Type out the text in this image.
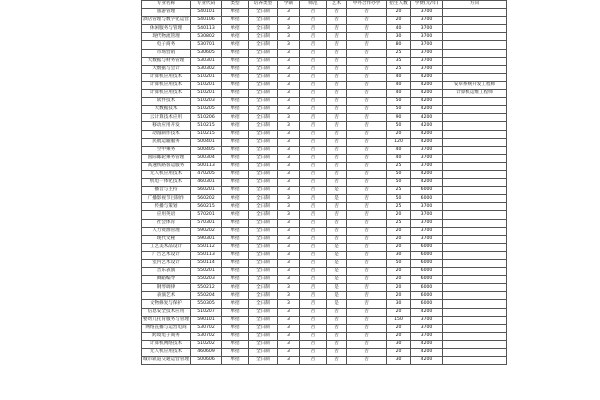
专业名称	专业代码	类型	培养类型	学制	师范	艺术	中外合作办学	招生人数	学费(元/年)	方向
旅游管理	540101	单招	全日制	3	否	否	否	20	3700	
酒店管理与数字化运营	540106	单招	全日制	3	否	否	否	20	3700	
休闲服务与管理	540113	单招	全日制	3	否	否	否	40	3700	
现代物流管理	530802	单招	全日制	3	否	否	否	30	3700	
电子商务	530701	单招	全日制	3	否	否	否	80	3700	
市场营销	530605	单招	全日制	3	否	否	否	25	3700	
大数据与财务管理	530301	单招	全日制	3	否	否	否	35	3700	
大数据与会计	530302	单招	全日制	3	否	否	否	25	3700	
计算机应用技术	510201	单招	全日制	3	否	否	否	40	4200	
计算机应用技术	510201	单招	全日制	3	否	否	否	40	4200	安卓系统开发工程师
计算机应用技术	510201	单招	全日制	3	否	否	否	40	4200	计算机运维工程师
软件技术	510203	单招	全日制	3	否	否	否	50	4200	
大数据技术	510205	单招	全日制	3	否	否	否	50	4200	
云计算技术应用	510206	单招	全日制	3	否	否	否	90	4200	
移动应用开发	510215	单招	全日制	3	否	否	否	50	4200	
动漫制作技术	510215	单招	全日制	3	否	否	否	20	4200	
民航运输服务	500401	单招	全日制	3	否	否	否	120	4200	
空中乘务	500405	单招	全日制	3	否	否	否	40	3700	
国际邮轮乘务管理	500304	单招	全日制	3	否	否	否	40	3700	
高速铁路客运服务	500113	单招	全日制	3	否	否	否	25	3700	
无人机应用技术	470205	单招	全日制	3	否	否	否	50	4200	
机电一体化技术	460301	单招	全日制	3	否	否	否	50	4200	
播音与主持	560201	单招	全日制	3	否	是	否	25	6000	
广播影视节目制作	560202	单招	全日制	3	否	是	否	50	6000	
传播与策划	560215	单招	全日制	3	否	否	否	25	3700	
应用英语	570201	单招	全日制	3	否	否	否	20	3700	
社会体育	570301	单招	全日制	3	否	否	否	25	3700	
人力资源管理	590202	单招	全日制	3	否	否	否	20	3700	
现代文秘	590301	单招	全日制	3	否	否	否	20	3700	
工艺美术品设计	550112	单招	全日制	3	否	是	否	20	6000	
广告艺术设计	550113	单招	全日制	3	否	是	否	30	6000	
室内艺术设计	550114	单招	全日制	3	否	是	否	50	6000	
音乐表演	550201	单招	全日制	3	否	是	否	20	6000	
舞蹈编导	550203	单招	全日制	3	否	是	否	20	6000	
钢琴调律	550212	单招	全日制	3	否	是	否	20	6000	
表演艺术	550204	单招	全日制	3	否	是	否	20	6000	
文物修复与保护	550305	单招	全日制	3	否	是	否	30	6000	
信息安全技术应用	510207	单招	全日制	3	否	否	否	20	4200	
婴幼儿托育服务与管理	590101	单招	全日制	3	否	否	否	150	3700	
网络直播与运营电商	530702	单招	全日制	3	否	否	否	20	3700	
跨境电子商务	530702	单招	全日制	3	否	否	否	20	3700	
计算机网络技术	510202	单招	全日制	3	否	否	否	30	4200	
无人机应用技术	460609	单招	全日制	3	否	否	否	20	4200	
城市轨道交通运营管理	500606	单招	全日制	3	否	否	否	30	4200	
